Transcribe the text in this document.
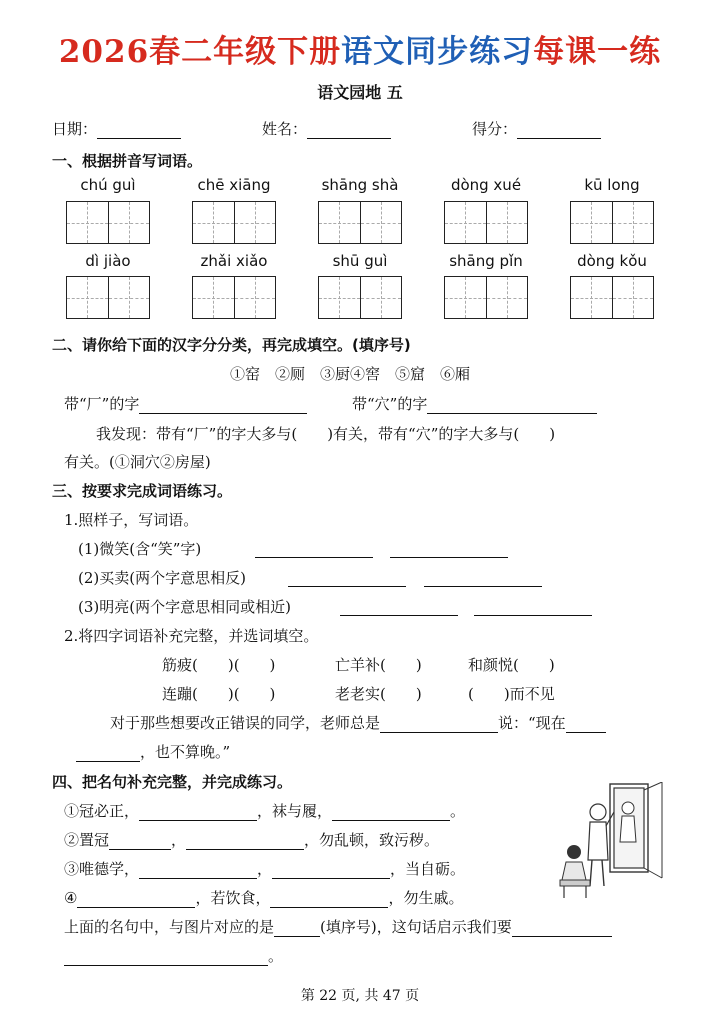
2026春二年级下册语文同步练习每课一练
语文园地 五
日期：	姓名：	得分：
一、根据拼音写词语。
chú guì	chē xiāng	shāng shà	dòng xué	kū long
dì jiào	zhǎi xiǎo	shū guì	shāng pǐn	dòng kǒu
二、请你给下面的汉字分分类，再完成填空。(填序号)
①窑　②厕　③厨④窖　⑤窟　⑥厢
带“厂”的字	带“穴”的字
我发现：带有“厂”的字大多与(　　)有关，带有“穴”的字大多与(　　)
有关。(①洞穴②房屋)
三、按要求完成词语练习。
1.照样子，写词语。
(1)微笑(含“笑”字)
(2)买卖(两个字意思相反)
(3)明亮(两个字意思相同或相近)
2.将四字词语补充完整，并选词填空。
筋疲(　　)(　　)	亡羊补(　　)	和颜悦(　　)
连蹦(　　)(　　)	老老实(　　)	(　　)而不见
对于那些想要改正错误的同学，老师总是	说：“现在
，也不算晚。”
四、把名句补充完整，并完成练习。
①冠必正，	，袜与履，	。
②置冠	，	，勿乱顿，致污秽。
③唯德学，	，	，当自砺。
④	，若饮食，	，勿生戚。
上面的名句中，与图片对应的是	(填序号)，这句话启示我们要
。
第 22 页, 共 47 页
